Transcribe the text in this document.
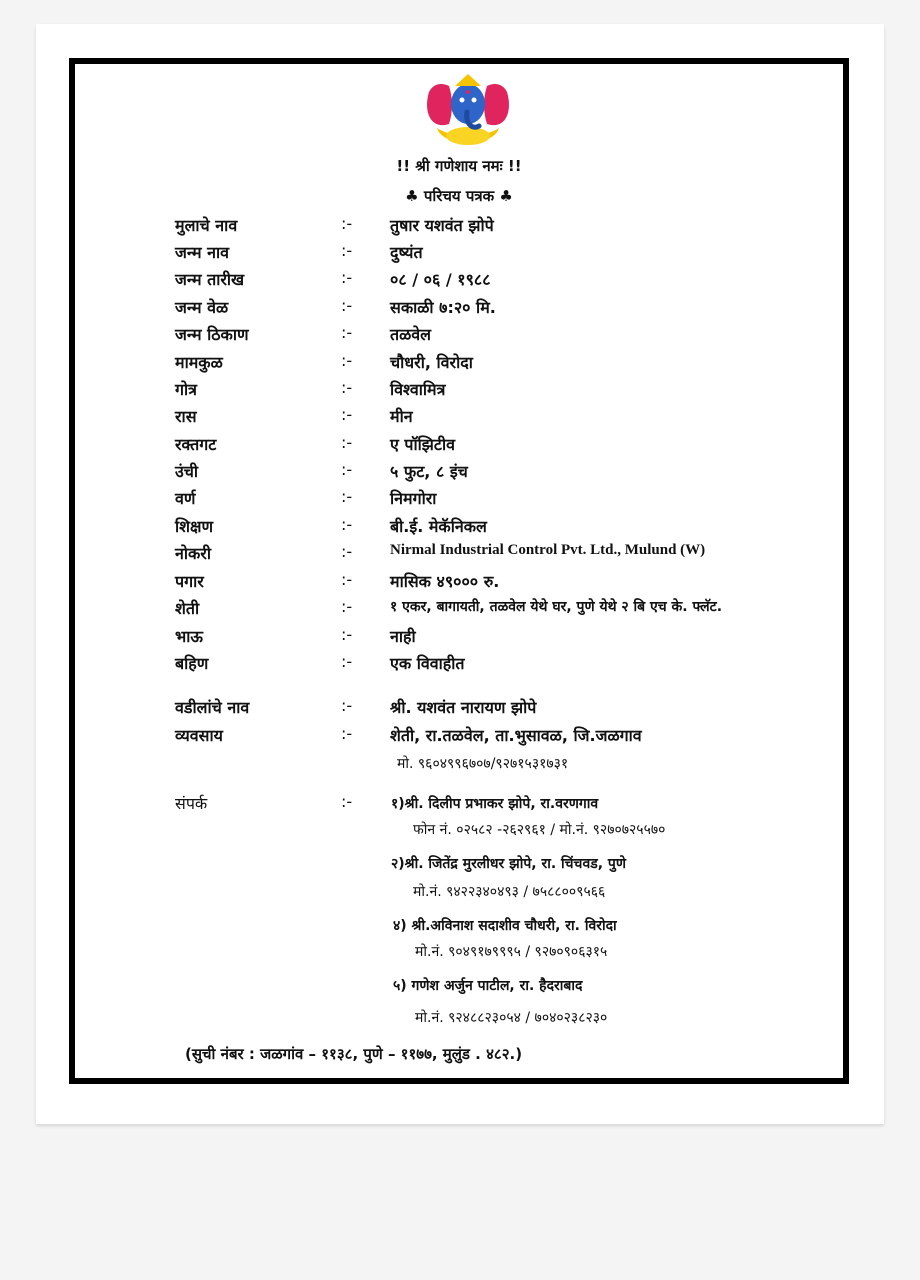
!! श्री गणेशाय नमः !!
♣ परिचय पत्रक ♣
मुलाचे नाव	:- तुषार यशवंत झोपे
जन्म नाव	:- दुष्यंत
जन्म तारीख	:- ०८ / ०६ / १९८८
जन्म वेळ	:- सकाळी ७:२० मि.
जन्म ठिकाण	:- तळवेल
मामकुळ	:- चौधरी, विरोदा
गोत्र	:- विश्वामित्र
रास	:- मीन
रक्तगट	:- ए पॉझिटीव
उंची	:- ५ फुट, ८ इंच
वर्ण	:- निमगोरा
शिक्षण	:- बी.ई. मेकॅनिकल
नोकरी	:-	Nirmal Industrial Control Pvt. Ltd., Mulund (W)
पगार	:- मासिक ४९००० रु.
शेती	:-	१ एकर, बागायती, तळवेल येथे घर, पुणे येथे २ बि एच के. फ्लॅट.
भाऊ	:- नाही
बहिण	:- एक विवाहीत
वडीलांचे नाव	:- श्री. यशवंत नारायण झोपे
व्यवसाय	:- शेती, रा.तळवेल, ता.भुसावळ, जि.जळगाव
मो. ९६०४९९६७०७/९२७१५३१७३१
संपर्क	:-	१)श्री. दिलीप प्रभाकर झोपे, रा.वरणगाव
फोन नं. ०२५८२ -२६२९६१ / मो.नं. ९२७०७२५५७०
२)श्री. जितेंद्र मुरलीधर झोपे, रा. चिंचवड, पुणे
मो.नं. ९४२२३४०४९३ / ७५८८००९५६६
४) श्री.अविनाश सदाशीव चौधरी, रा. विरोदा
मो.नं. ९०४९१७९९९५ / ९२७०९०६३१५
५) गणेश अर्जुन पाटील, रा. हैदराबाद
मो.नं. ९२४८८२३०५४ / ७०४०२३८२३०
(सुची नंबर : जळगांव – ११३८, पुणे – ११७७, मुलुंड . ४८२.)
